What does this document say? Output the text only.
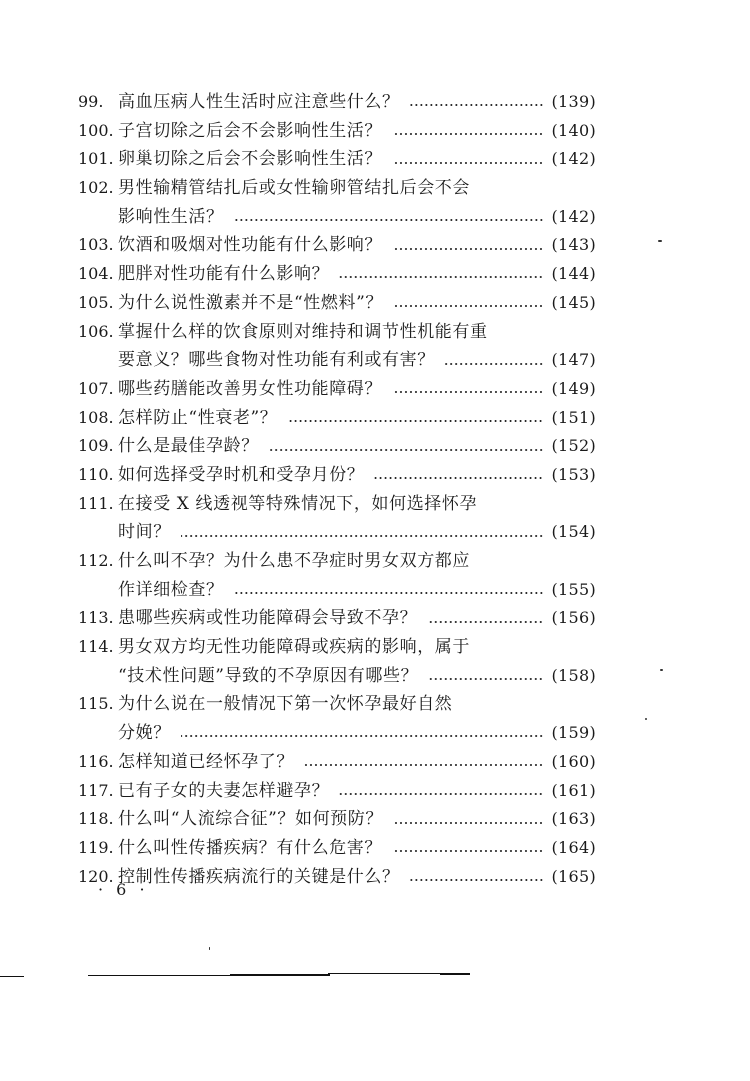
99. 高血压病人性生活时应注意些什么？	(139)
100. 子宫切除之后会不会影响性生活？	(140)
101. 卵巢切除之后会不会影响性生活？	(142)
102. 男性输精管结扎后或女性输卵管结扎后会不会
影响性生活？	(142)
103. 饮酒和吸烟对性功能有什么影响？	(143)
104. 肥胖对性功能有什么影响？	(144)
105. 为什么说性激素并不是“性燃料”？	(145)
106. 掌握什么样的饮食原则对维持和调节性机能有重
要意义？哪些食物对性功能有利或有害？	(147)
107. 哪些药膳能改善男女性功能障碍？	(149)
108. 怎样防止“性衰老”？	(151)
109. 什么是最佳孕龄？	(152)
110. 如何选择受孕时机和受孕月份？	(153)
111. 在接受 X 线透视等特殊情况下，如何选择怀孕
时间？	(154)
112. 什么叫不孕？为什么患不孕症时男女双方都应
作详细检查？	(155)
113. 患哪些疾病或性功能障碍会导致不孕？	(156)
114. 男女双方均无性功能障碍或疾病的影响，属于
“技术性问题”导致的不孕原因有哪些？	(158)
115. 为什么说在一般情况下第一次怀孕最好自然
分娩？	(159)
116. 怎样知道已经怀孕了？	(160)
117. 已有子女的夫妻怎样避孕？	(161)
118. 什么叫“人流综合征”？如何预防？	(163)
119. 什么叫性传播疾病？有什么危害？	(164)
120. 控制性传播疾病流行的关键是什么？	(165)
· 6 ·
